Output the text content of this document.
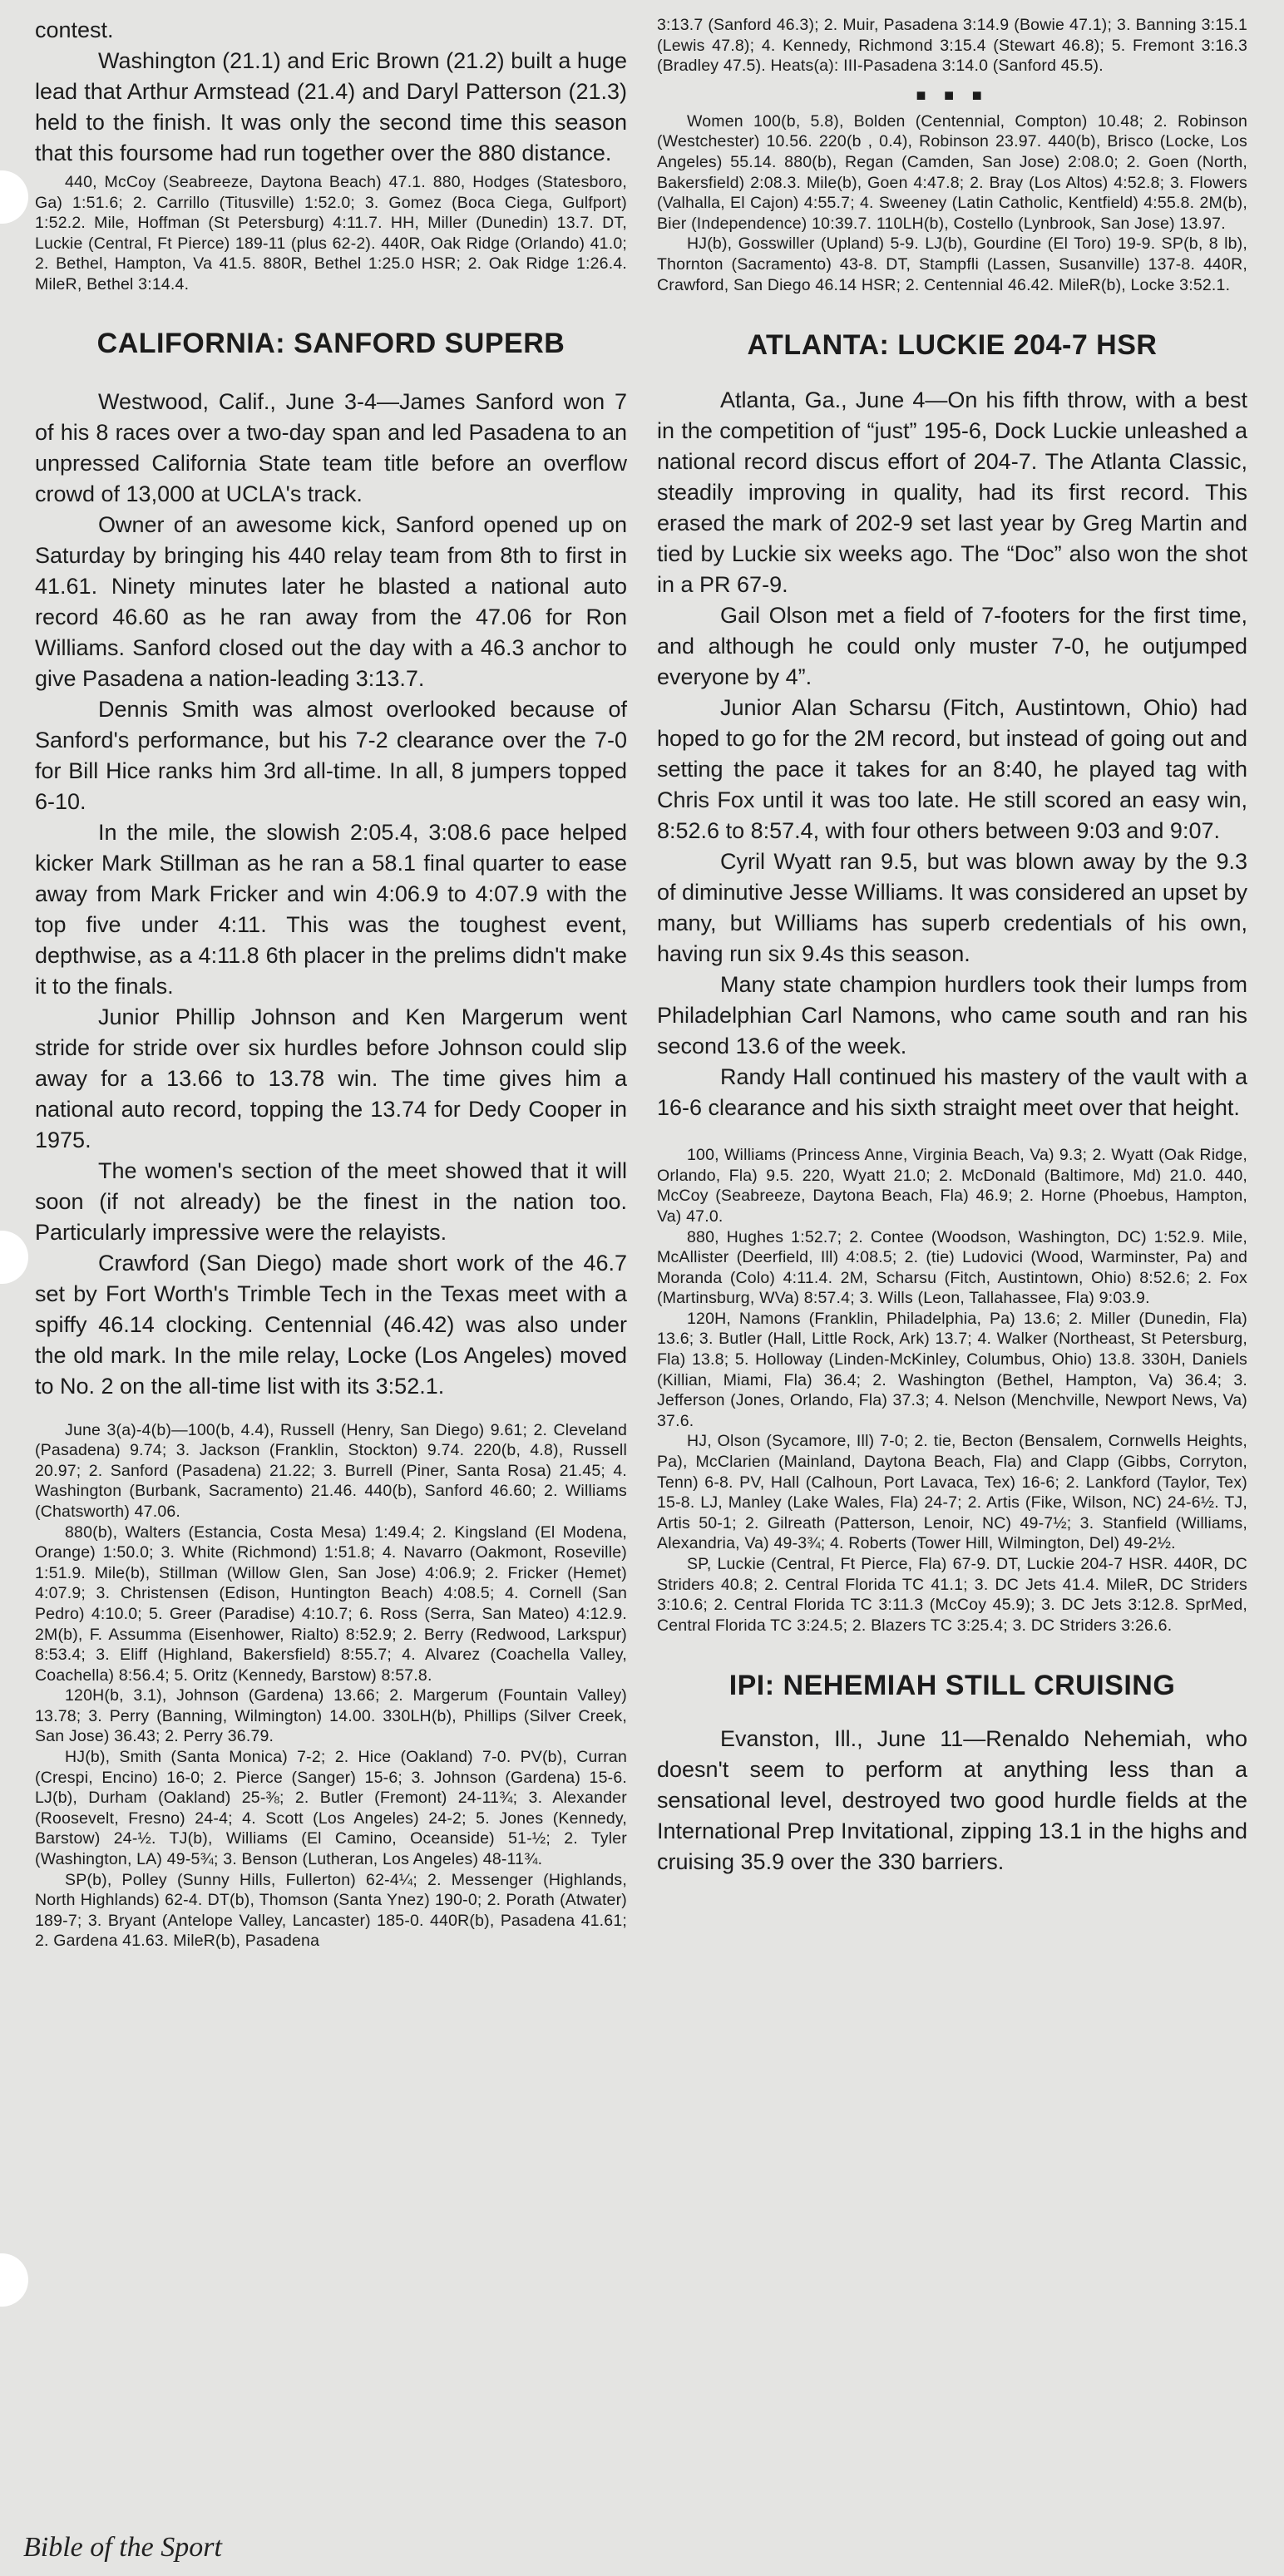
contest.

Washington (21.1) and Eric Brown (21.2) built a huge lead that Arthur Armstead (21.4) and Daryl Patterson (21.3) held to the finish. It was only the second time this season that this foursome had run together over the 880 distance.

440, McCoy (Seabreeze, Daytona Beach) 47.1. 880, Hodges (Statesboro, Ga) 1:51.6; 2. Carrillo (Titusville) 1:52.0; 3. Gomez (Boca Ciega, Gulfport) 1:52.2. Mile, Hoffman (St Petersburg) 4:11.7. HH, Miller (Dunedin) 13.7. DT, Luckie (Central, Ft Pierce) 189-11 (plus 62-2). 440R, Oak Ridge (Orlando) 41.0; 2. Bethel, Hampton, Va 41.5. 880R, Bethel 1:25.0 HSR; 2. Oak Ridge 1:26.4. MileR, Bethel 3:14.4.

CALIFORNIA: SANFORD SUPERB

Westwood, Calif., June 3-4—James Sanford won 7 of his 8 races over a two-day span and led Pasadena to an unpressed California State team title before an overflow crowd of 13,000 at UCLA's track.

Owner of an awesome kick, Sanford opened up on Saturday by bringing his 440 relay team from 8th to first in 41.61. Ninety minutes later he blasted a national auto record 46.60 as he ran away from the 47.06 for Ron Williams. Sanford closed out the day with a 46.3 anchor to give Pasadena a nation-leading 3:13.7.

Dennis Smith was almost overlooked because of Sanford's performance, but his 7-2 clearance over the 7-0 for Bill Hice ranks him 3rd all-time. In all, 8 jumpers topped 6-10.

In the mile, the slowish 2:05.4, 3:08.6 pace helped kicker Mark Stillman as he ran a 58.1 final quarter to ease away from Mark Fricker and win 4:06.9 to 4:07.9 with the top five under 4:11. This was the toughest event, depthwise, as a 4:11.8 6th placer in the prelims didn't make it to the finals.

Junior Phillip Johnson and Ken Margerum went stride for stride over six hurdles before Johnson could slip away for a 13.66 to 13.78 win. The time gives him a national auto record, topping the 13.74 for Dedy Cooper in 1975.

The women's section of the meet showed that it will soon (if not already) be the finest in the nation too. Particularly impressive were the relayists.

Crawford (San Diego) made short work of the 46.7 set by Fort Worth's Trimble Tech in the Texas meet with a spiffy 46.14 clocking. Centennial (46.42) was also under the old mark. In the mile relay, Locke (Los Angeles) moved to No. 2 on the all-time list with its 3:52.1.

June 3(a)-4(b)—100(b, 4.4), Russell (Henry, San Diego) 9.61; 2. Cleveland (Pasadena) 9.74; 3. Jackson (Franklin, Stockton) 9.74. 220(b, 4.8), Russell 20.97; 2. Sanford (Pasadena) 21.22; 3. Burrell (Piner, Santa Rosa) 21.45; 4. Washington (Burbank, Sacramento) 21.46. 440(b), Sanford 46.60; 2. Williams (Chatsworth) 47.06.

880(b), Walters (Estancia, Costa Mesa) 1:49.4; 2. Kingsland (El Modena, Orange) 1:50.0; 3. White (Richmond) 1:51.8; 4. Navarro (Oakmont, Roseville) 1:51.9. Mile(b), Stillman (Willow Glen, San Jose) 4:06.9; 2. Fricker (Hemet) 4:07.9; 3. Christensen (Edison, Huntington Beach) 4:08.5; 4. Cornell (San Pedro) 4:10.0; 5. Greer (Paradise) 4:10.7; 6. Ross (Serra, San Mateo) 4:12.9. 2M(b), F. Assumma (Eisenhower, Rialto) 8:52.9; 2. Berry (Redwood, Larkspur) 8:53.4; 3. Eliff (Highland, Bakersfield) 8:55.7; 4. Alvarez (Coachella Valley, Coachella) 8:56.4; 5. Oritz (Kennedy, Barstow) 8:57.8.

120H(b, 3.1), Johnson (Gardena) 13.66; 2. Margerum (Fountain Valley) 13.78; 3. Perry (Banning, Wilmington) 14.00. 330LH(b), Phillips (Silver Creek, San Jose) 36.43; 2. Perry 36.79.

HJ(b), Smith (Santa Monica) 7-2; 2. Hice (Oakland) 7-0. PV(b), Curran (Crespi, Encino) 16-0; 2. Pierce (Sanger) 15-6; 3. Johnson (Gardena) 15-6. LJ(b), Durham (Oakland) 25-⅜; 2. Butler (Fremont) 24-11¾; 3. Alexander (Roosevelt, Fresno) 24-4; 4. Scott (Los Angeles) 24-2; 5. Jones (Kennedy, Barstow) 24-½. TJ(b), Williams (El Camino, Oceanside) 51-½; 2. Tyler (Washington, LA) 49-5¾; 3. Benson (Lutheran, Los Angeles) 48-11¾.

SP(b), Polley (Sunny Hills, Fullerton) 62-4¼; 2. Messenger (Highlands, North Highlands) 62-4. DT(b), Thomson (Santa Ynez) 190-0; 2. Porath (Atwater) 189-7; 3. Bryant (Antelope Valley, Lancaster) 185-0. 440R(b), Pasadena 41.61; 2. Gardena 41.63. MileR(b), Pasadena

Bible of the Sport

3:13.7 (Sanford 46.3); 2. Muir, Pasadena 3:14.9 (Bowie 47.1); 3. Banning 3:15.1 (Lewis 47.8); 4. Kennedy, Richmond 3:15.4 (Stewart 46.8); 5. Fremont 3:16.3 (Bradley 47.5). Heats(a): III-Pasadena 3:14.0 (Sanford 45.5).

■ ■ ■

Women 100(b, 5.8), Bolden (Centennial, Compton) 10.48; 2. Robinson (Westchester) 10.56. 220(b , 0.4), Robinson 23.97. 440(b), Brisco (Locke, Los Angeles) 55.14. 880(b), Regan (Camden, San Jose) 2:08.0; 2. Goen (North, Bakersfield) 2:08.3. Mile(b), Goen 4:47.8; 2. Bray (Los Altos) 4:52.8; 3. Flowers (Valhalla, El Cajon) 4:55.7; 4. Sweeney (Latin Catholic, Kentfield) 4:55.8. 2M(b), Bier (Independence) 10:39.7. 110LH(b), Costello (Lynbrook, San Jose) 13.97.

HJ(b), Gosswiller (Upland) 5-9. LJ(b), Gourdine (El Toro) 19-9. SP(b, 8 lb), Thornton (Sacramento) 43-8. DT, Stampfli (Lassen, Susanville) 137-8. 440R, Crawford, San Diego 46.14 HSR; 2. Centennial 46.42. MileR(b), Locke 3:52.1.

ATLANTA: LUCKIE 204-7 HSR

Atlanta, Ga., June 4—On his fifth throw, with a best in the competition of “just” 195-6, Dock Luckie unleashed a national record discus effort of 204-7. The Atlanta Classic, steadily improving in quality, had its first record. This erased the mark of 202-9 set last year by Greg Martin and tied by Luckie six weeks ago. The “Doc” also won the shot in a PR 67-9.

Gail Olson met a field of 7-footers for the first time, and although he could only muster 7-0, he outjumped everyone by 4”.

Junior Alan Scharsu (Fitch, Austintown, Ohio) had hoped to go for the 2M record, but instead of going out and setting the pace it takes for an 8:40, he played tag with Chris Fox until it was too late. He still scored an easy win, 8:52.6 to 8:57.4, with four others between 9:03 and 9:07.

Cyril Wyatt ran 9.5, but was blown away by the 9.3 of diminutive Jesse Williams. It was considered an upset by many, but Williams has superb credentials of his own, having run six 9.4s this season.

Many state champion hurdlers took their lumps from Philadelphian Carl Namons, who came south and ran his second 13.6 of the week.

Randy Hall continued his mastery of the vault with a 16-6 clearance and his sixth straight meet over that height.

100, Williams (Princess Anne, Virginia Beach, Va) 9.3; 2. Wyatt (Oak Ridge, Orlando, Fla) 9.5. 220, Wyatt 21.0; 2. McDonald (Baltimore, Md) 21.0. 440, McCoy (Seabreeze, Daytona Beach, Fla) 46.9; 2. Horne (Phoebus, Hampton, Va) 47.0.

880, Hughes 1:52.7; 2. Contee (Woodson, Washington, DC) 1:52.9. Mile, McAllister (Deerfield, Ill) 4:08.5; 2. (tie) Ludovici (Wood, Warminster, Pa) and Moranda (Colo) 4:11.4. 2M, Scharsu (Fitch, Austintown, Ohio) 8:52.6; 2. Fox (Martinsburg, WVa) 8:57.4; 3. Wills (Leon, Tallahassee, Fla) 9:03.9.

120H, Namons (Franklin, Philadelphia, Pa) 13.6; 2. Miller (Dunedin, Fla) 13.6; 3. Butler (Hall, Little Rock, Ark) 13.7; 4. Walker (Northeast, St Petersburg, Fla) 13.8; 5. Holloway (Linden-McKinley, Columbus, Ohio) 13.8. 330H, Daniels (Killian, Miami, Fla) 36.4; 2. Washington (Bethel, Hampton, Va) 36.4; 3. Jefferson (Jones, Orlando, Fla) 37.3; 4. Nelson (Menchville, Newport News, Va) 37.6.

HJ, Olson (Sycamore, Ill) 7-0; 2. tie, Becton (Bensalem, Cornwells Heights, Pa), McClarien (Mainland, Daytona Beach, Fla) and Clapp (Gibbs, Corryton, Tenn) 6-8. PV, Hall (Calhoun, Port Lavaca, Tex) 16-6; 2. Lankford (Taylor, Tex) 15-8. LJ, Manley (Lake Wales, Fla) 24-7; 2. Artis (Fike, Wilson, NC) 24-6½. TJ, Artis 50-1; 2. Gilreath (Patterson, Lenoir, NC) 49-7½; 3. Stanfield (Williams, Alexandria, Va) 49-3¾; 4. Roberts (Tower Hill, Wilmington, Del) 49-2½.

SP, Luckie (Central, Ft Pierce, Fla) 67-9. DT, Luckie 204-7 HSR. 440R, DC Striders 40.8; 2. Central Florida TC 41.1; 3. DC Jets 41.4. MileR, DC Striders 3:10.6; 2. Central Florida TC 3:11.3 (McCoy 45.9); 3. DC Jets 3:12.8. SprMed, Central Florida TC 3:24.5; 2. Blazers TC 3:25.4; 3. DC Striders 3:26.6.

IPI: NEHEMIAH STILL CRUISING

Evanston, Ill., June 11—Renaldo Nehemiah, who doesn't seem to perform at anything less than a sensational level, destroyed two good hurdle fields at the International Prep Invitational, zipping 13.1 in the highs and cruising 35.9 over the 330 barriers.
